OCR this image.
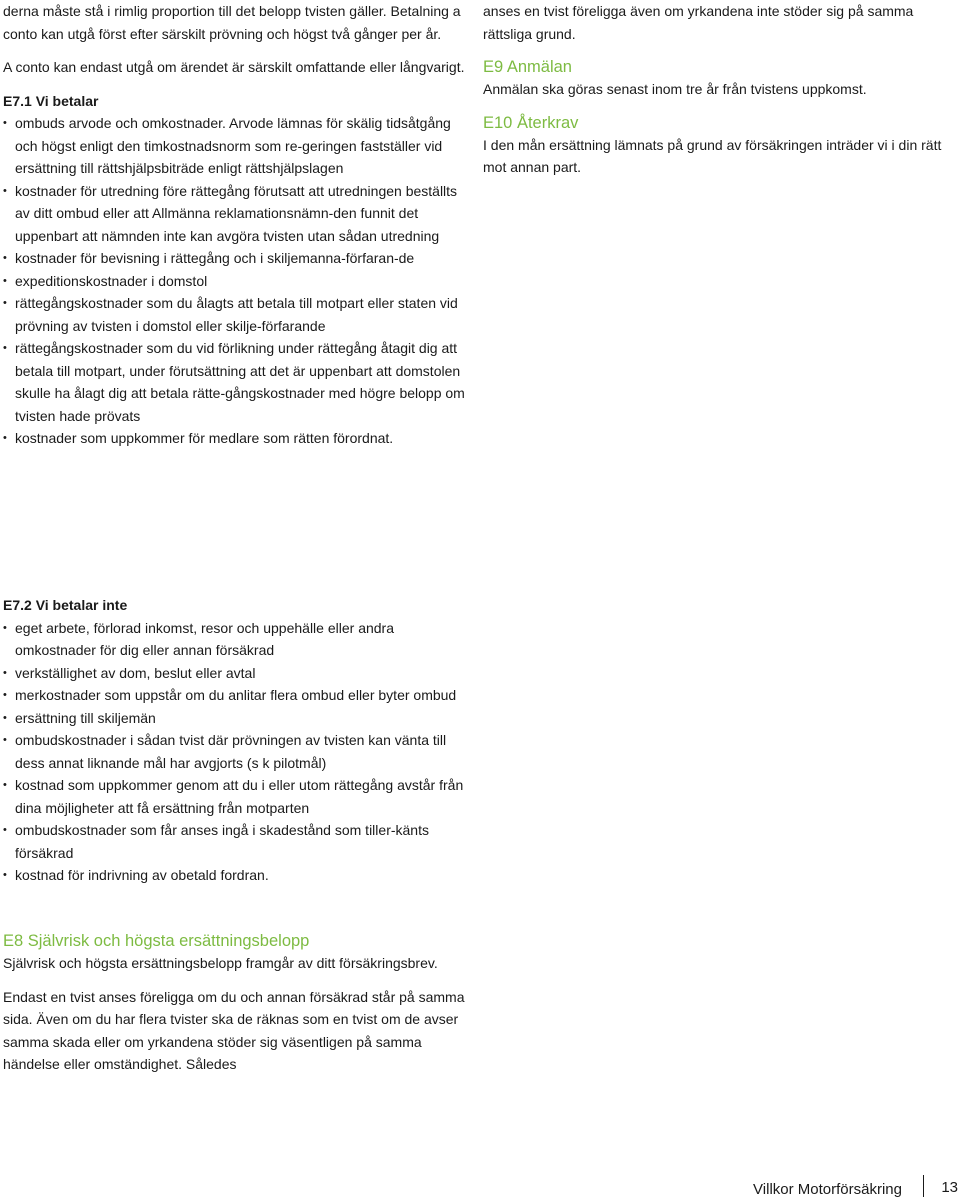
derna måste stå i rimlig proportion till det belopp tvisten gäller. Betalning a conto kan utgå först efter särskilt prövning och högst två gånger per år.

A conto kan endast utgå om ärendet är särskilt omfattande eller långvarigt.

E7.1 Vi betalar

• ombuds arvode och omkostnader. Arvode lämnas för skälig tidsåtgång och högst enligt den timkostnadsnorm som re-geringen fastställer vid ersättning till rättshjälpsbiträde enligt rättshjälpslagen
• kostnader för utredning före rättegång förutsatt att utredningen beställts av ditt ombud eller att Allmänna reklamationsnämn-den funnit det uppenbart att nämnden inte kan avgöra tvisten utan sådan utredning
• kostnader för bevisning i rättegång och i skiljemanna-förfaran-de
• expeditionskostnader i domstol
• rättegångskostnader som du ålagts att betala till motpart eller staten vid prövning av tvisten i domstol eller skilje-förfarande
• rättegångskostnader som du vid förlikning under rättegång åtagit dig att betala till motpart, under förutsättning att det är uppenbart att domstolen skulle ha ålagt dig att betala rätte-gångskostnader med högre belopp om tvisten hade prövats
• kostnader som uppkommer för medlare som rätten förordnat.

E7.2 Vi betalar inte

• eget arbete, förlorad inkomst, resor och uppehälle eller andra omkostnader för dig eller annan försäkrad
• verkställighet av dom, beslut eller avtal
• merkostnader som uppstår om du anlitar flera ombud eller byter ombud
• ersättning till skiljemän
• ombudskostnader i sådan tvist där prövningen av tvisten kan vänta till dess annat liknande mål har avgjorts (s k pilotmål)
• kostnad som uppkommer genom att du i eller utom rättegång avstår från dina möjligheter att få ersättning från motparten
• ombudskostnader som får anses ingå i skadestånd som tiller-känts försäkrad
• kostnad för indrivning av obetald fordran.

E8 Självrisk och högsta ersättningsbelopp

Självrisk och högsta ersättningsbelopp framgår av ditt försäkringsbrev.

Endast en tvist anses föreligga om du och annan försäkrad står på samma sida. Även om du har flera tvister ska de räknas som en tvist om de avser samma skada eller om yrkandena stöder sig väsentligen på samma händelse eller omständighet. Således

anses en tvist föreligga även om yrkandena inte stöder sig på samma rättsliga grund.

E9 Anmälan

Anmälan ska göras senast inom tre år från tvistens uppkomst.

E10 Återkrav

I den mån ersättning lämnats på grund av försäkringen inträder vi i din rätt mot annan part.

Villkor Motorförsäkring	13
